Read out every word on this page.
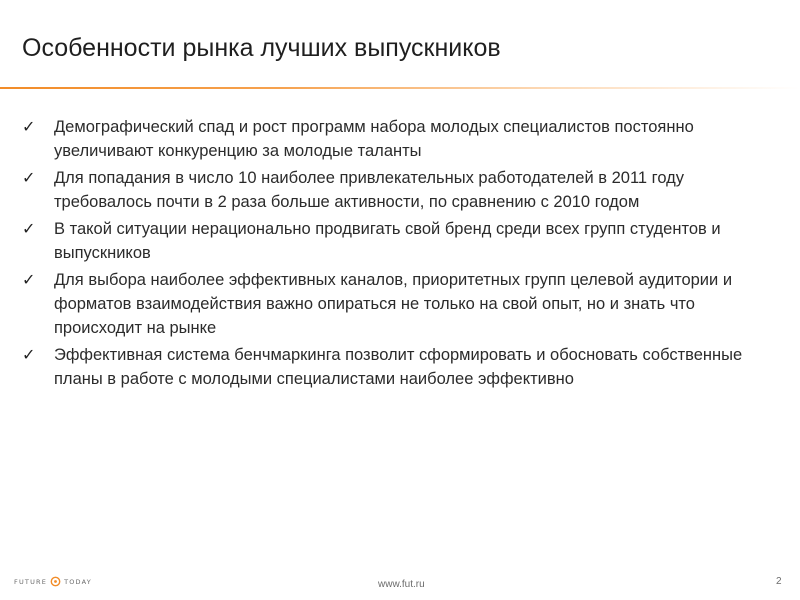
Особенности рынка лучших выпускников
✓	Демографический спад и рост программ набора молодых специалистов постоянно увеличивают конкуренцию за молодые таланты
✓	Для попадания в число 10 наиболее привлекательных работодателей в 2011 году требовалось почти в 2 раза больше активности, по сравнению с 2010 годом
✓	В такой ситуации нерационально продвигать свой бренд среди всех групп студентов и выпускников
✓	Для выбора наиболее эффективных каналов, приоритетных групп целевой аудитории и форматов взаимодействия важно опираться не только на свой опыт, но и знать что происходит на рынке
✓	Эффективная система бенчмаркинга позволит сформировать и обосновать собственные планы в работе с молодыми специалистами наиболее эффективно
FUTURE	TODAY	www.fut.ru	2
